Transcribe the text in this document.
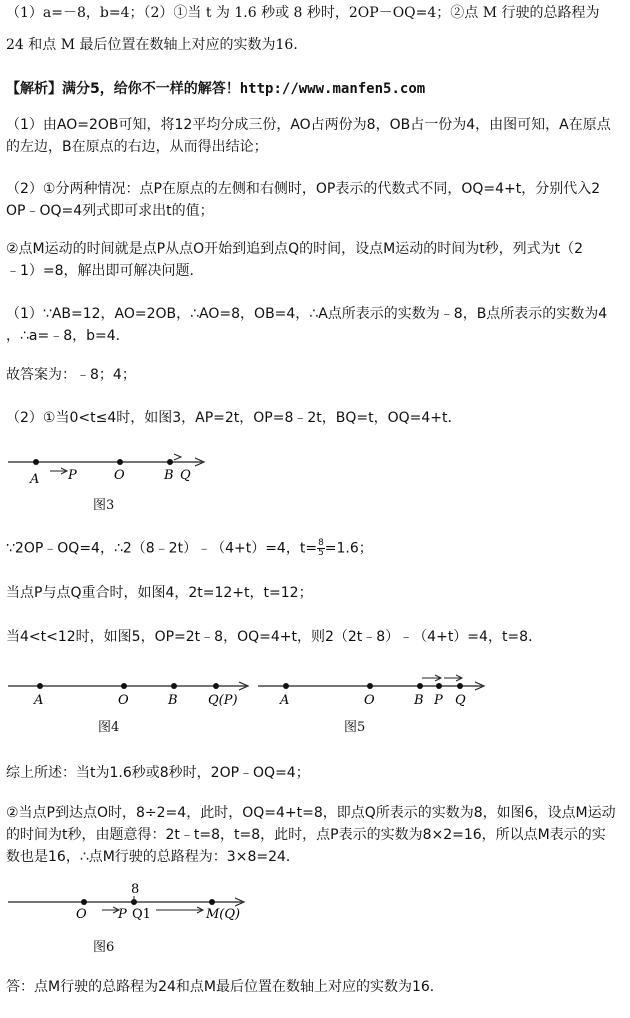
（1）a=－8，b=4；（2）①当 t 为 1.6 秒或 8 秒时，2OP－OQ=4；②点 M 行驶的总路程为
24 和点 M 最后位置在数轴上对应的实数为16．
【解析】满分5，给你不一样的解答！http://www.manfen5.com
（1）由AO=2OB可知，将12平均分成三份，AO占两份为8，OB占一份为4，由图可知，A在原点
的左边，B在原点的右边，从而得出结论；
（2）①分两种情况：点P在原点的左侧和右侧时，OP表示的代数式不同，OQ=4+t，分别代入2
OP﹣OQ=4列式即可求出t的值；
②点M运动的时间就是点P从点O开始到追到点Q的时间，设点M运动的时间为t秒，列式为t（2
﹣1）=8，解出即可解决问题．
（1）∵AB=12，AO=2OB，∴AO=8，OB=4，∴A点所表示的实数为﹣8，B点所表示的实数为4
，∴a=﹣8，b=4．
故答案为：﹣8；4；
（2）①当0<t≤4时，如图3，AP=2t，OP=8﹣2t，BQ=t，OQ=4+t．
A P	O	B Q
图3
∵2OP﹣OQ=4，∴2（8﹣2t）﹣（4+t）=4，$t=\frac{8}{5}=1.6$；
当点P与点Q重合时，如图4，2t=12+t，t=12；
当4<t<12时，如图5，OP=2t﹣8，OQ=4+t，则2（2t﹣8）﹣（4+t）=4，t=8．
A	O	B Q(P)
图4
A	O	B P Q
图5
综上所述：当t为1.6秒或8秒时，2OP﹣OQ=4；
②当点P到达点O时，8÷2=4，此时，OQ=4+t=8，即点Q所表示的实数为8，如图6，设点M运动
的时间为t秒，由题意得：2t﹣t=8，t=8，此时，点P表示的实数为8×2=16，所以点M表示的实
数也是16，∴点M行驶的总路程为：3×8=24．
8
O P Q1	M(Q)
图6
答：点M行驶的总路程为24和点M最后位置在数轴上对应的实数为16．
